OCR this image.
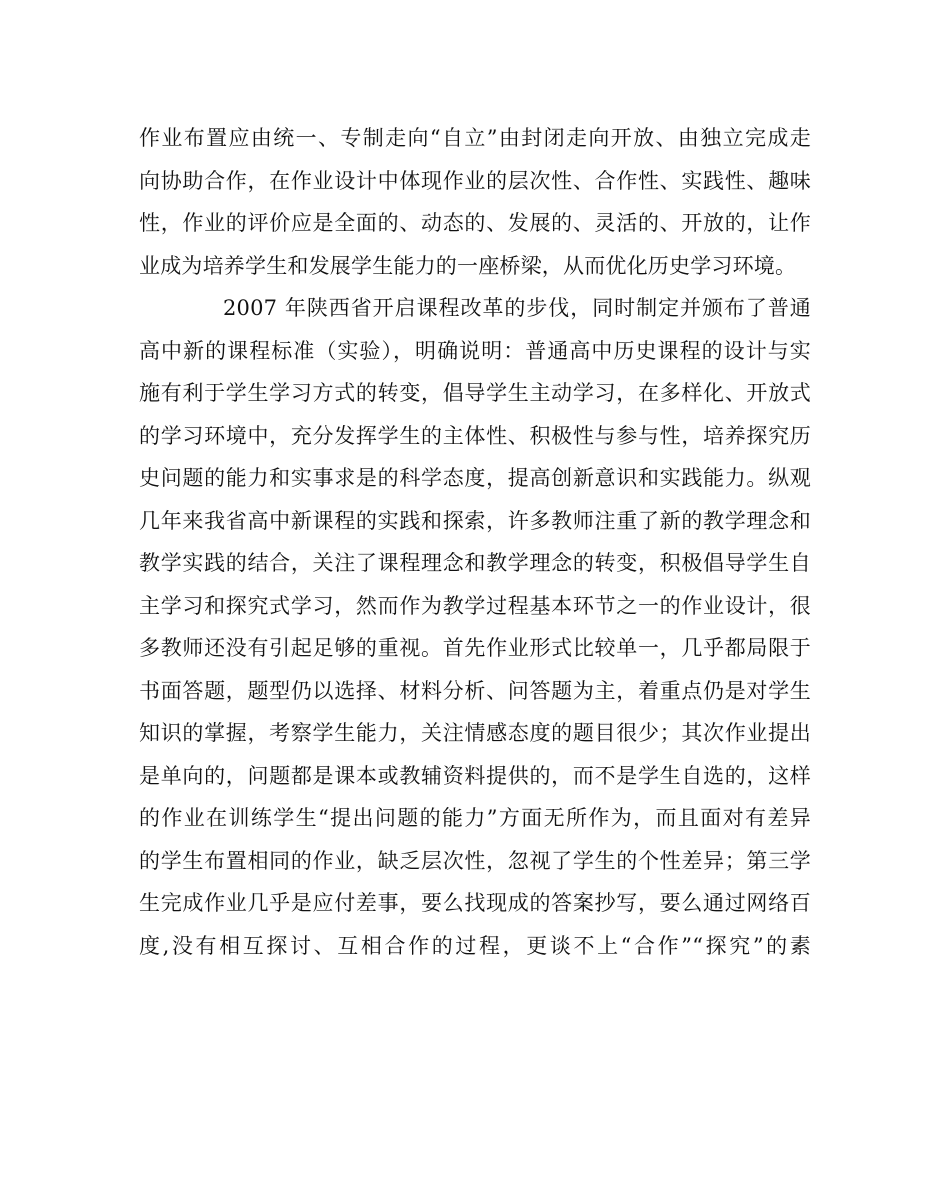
作业布置应由统一、专制走向“自立”由封闭走向开放、由独立完成走
向协助合作，在作业设计中体现作业的层次性、合作性、实践性、趣味
性，作业的评价应是全面的、动态的、发展的、灵活的、开放的，让作
业成为培养学生和发展学生能力的一座桥梁，从而优化历史学习环境。
2007 年陕西省开启课程改革的步伐，同时制定并颁布了普通
高中新的课程标准（实验），明确说明：普通高中历史课程的设计与实
施有利于学生学习方式的转变，倡导学生主动学习，在多样化、开放式
的学习环境中，充分发挥学生的主体性、积极性与参与性，培养探究历
史问题的能力和实事求是的科学态度，提高创新意识和实践能力。纵观
几年来我省高中新课程的实践和探索，许多教师注重了新的教学理念和
教学实践的结合，关注了课程理念和教学理念的转变，积极倡导学生自
主学习和探究式学习，然而作为教学过程基本环节之一的作业设计，很
多教师还没有引起足够的重视。首先作业形式比较单一，几乎都局限于
书面答题，题型仍以选择、材料分析、问答题为主，着重点仍是对学生
知识的掌握，考察学生能力，关注情感态度的题目很少；其次作业提出
是单向的，问题都是课本或教辅资料提供的，而不是学生自选的，这样
的作业在训练学生“提出问题的能力”方面无所作为，而且面对有差异
的学生布置相同的作业，缺乏层次性，忽视了学生的个性差异；第三学
生完成作业几乎是应付差事，要么找现成的答案抄写，要么通过网络百
度,没有相互探讨、互相合作的过程，更谈不上“合作”“探究”的素
